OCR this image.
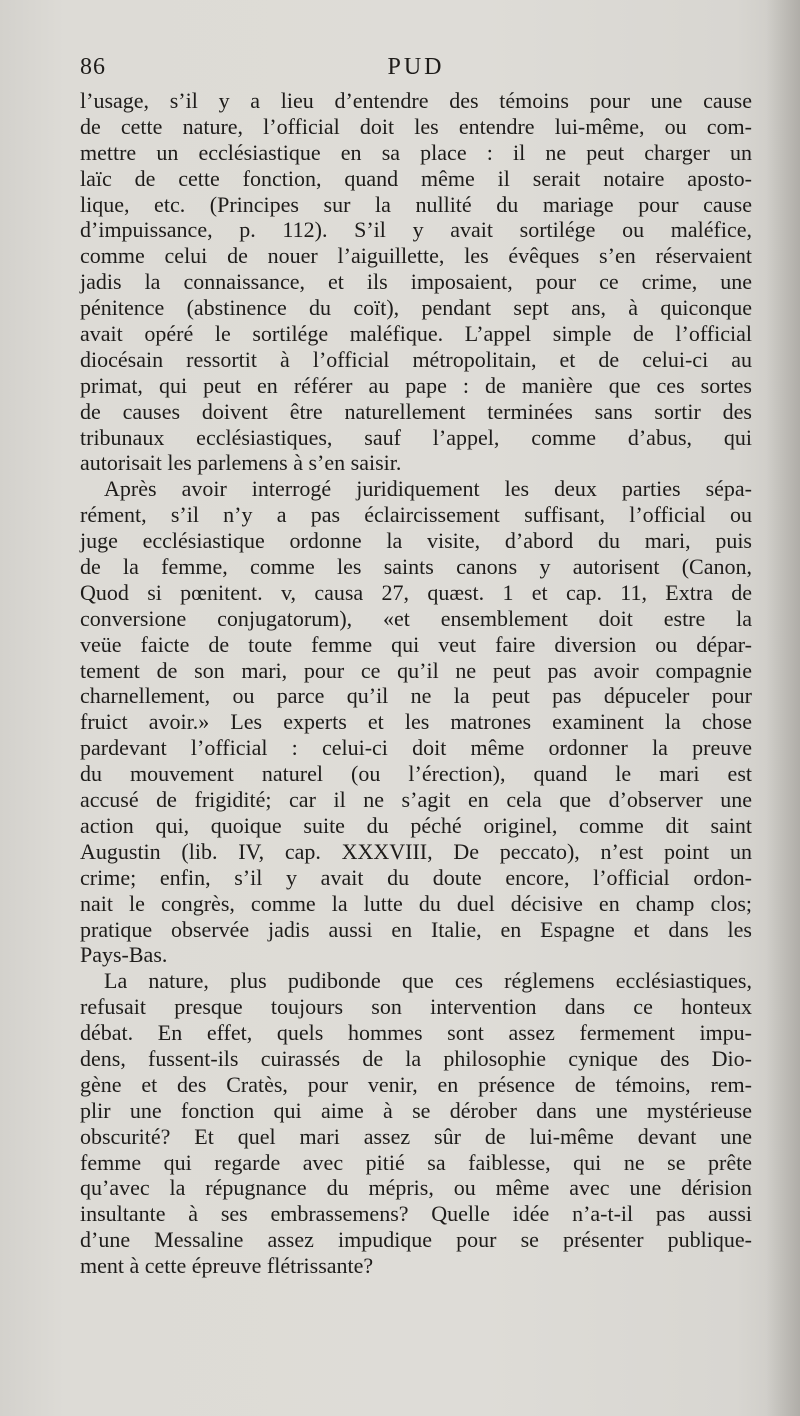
86	PUD
l’usage, s’il y a lieu d’entendre des témoins pour une cause
de cette nature, l’official doit les entendre lui-même, ou com-
mettre un ecclésiastique en sa place : il ne peut charger un
laïc de cette fonction, quand même il serait notaire aposto-
lique, etc. (Principes sur la nullité du mariage pour cause
d’impuissance, p. 112). S’il y avait sortilége ou maléfice,
comme celui de nouer l’aiguillette, les évêques s’en réservaient
jadis la connaissance, et ils imposaient, pour ce crime, une
pénitence (abstinence du coït), pendant sept ans, à quiconque
avait opéré le sortilége maléfique. L’appel simple de l’official
diocésain ressortit à l’official métropolitain, et de celui-ci au
primat, qui peut en référer au pape : de manière que ces sortes
de causes doivent être naturellement terminées sans sortir des
tribunaux ecclésiastiques, sauf l’appel, comme d’abus, qui
autorisait les parlemens à s’en saisir.
Après avoir interrogé juridiquement les deux parties sépa-
rément, s’il n’y a pas éclaircissement suffisant, l’official ou
juge ecclésiastique ordonne la visite, d’abord du mari, puis
de la femme, comme les saints canons y autorisent (Canon,
Quod si pœnitent. v, causa 27, quæst. 1 et cap. 11, Extra de
conversione conjugatorum), «et ensemblement doit estre la
veüe faicte de toute femme qui veut faire diversion ou dépar-
tement de son mari, pour ce qu’il ne peut pas avoir compagnie
charnellement, ou parce qu’il ne la peut pas dépuceler pour
fruict avoir.» Les experts et les matrones examinent la chose
pardevant l’official : celui-ci doit même ordonner la preuve
du mouvement naturel (ou l’érection), quand le mari est
accusé de frigidité; car il ne s’agit en cela que d’observer une
action qui, quoique suite du péché originel, comme dit saint
Augustin (lib. IV, cap. XXXVIII, De peccato), n’est point un
crime; enfin, s’il y avait du doute encore, l’official ordon-
nait le congrès, comme la lutte du duel décisive en champ clos;
pratique observée jadis aussi en Italie, en Espagne et dans les
Pays-Bas.
La nature, plus pudibonde que ces réglemens ecclésiastiques,
refusait presque toujours son intervention dans ce honteux
débat. En effet, quels hommes sont assez fermement impu-
dens, fussent-ils cuirassés de la philosophie cynique des Dio-
gène et des Cratès, pour venir, en présence de témoins, rem-
plir une fonction qui aime à se dérober dans une mystérieuse
obscurité? Et quel mari assez sûr de lui-même devant une
femme qui regarde avec pitié sa faiblesse, qui ne se prête
qu’avec la répugnance du mépris, ou même avec une dérision
insultante à ses embrassemens? Quelle idée n’a-t-il pas aussi
d’une Messaline assez impudique pour se présenter publique-
ment à cette épreuve flétrissante?
